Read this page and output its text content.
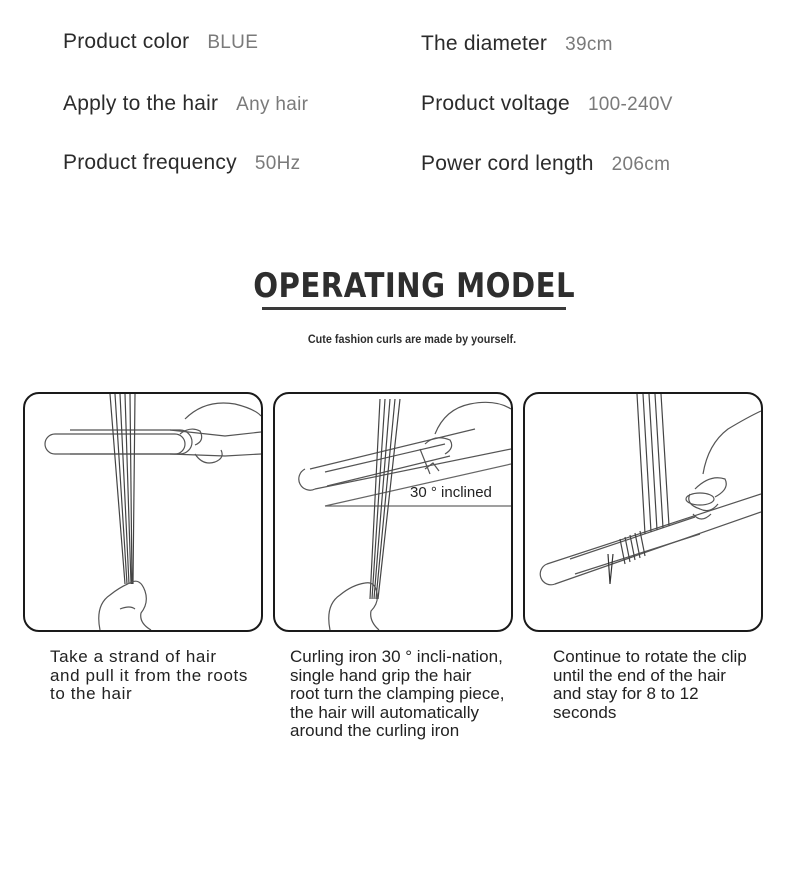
Product color BLUE	The diameter 39cm
Apply to the hair Any hair	Product voltage 100-240V
Product frequency 50Hz	Power cord length 206cm
OPERATING MODEL
Cute fashion curls are made by yourself.
30 ° inclined
Take a strand of hair and pull it from the roots to the hair
Curling iron 30 ° incli-nation, single hand grip the hair root turn the clamping piece, the hair will automatically around the curling iron
Continue to rotate the clip until the end of the hair and stay for 8 to 12 seconds
